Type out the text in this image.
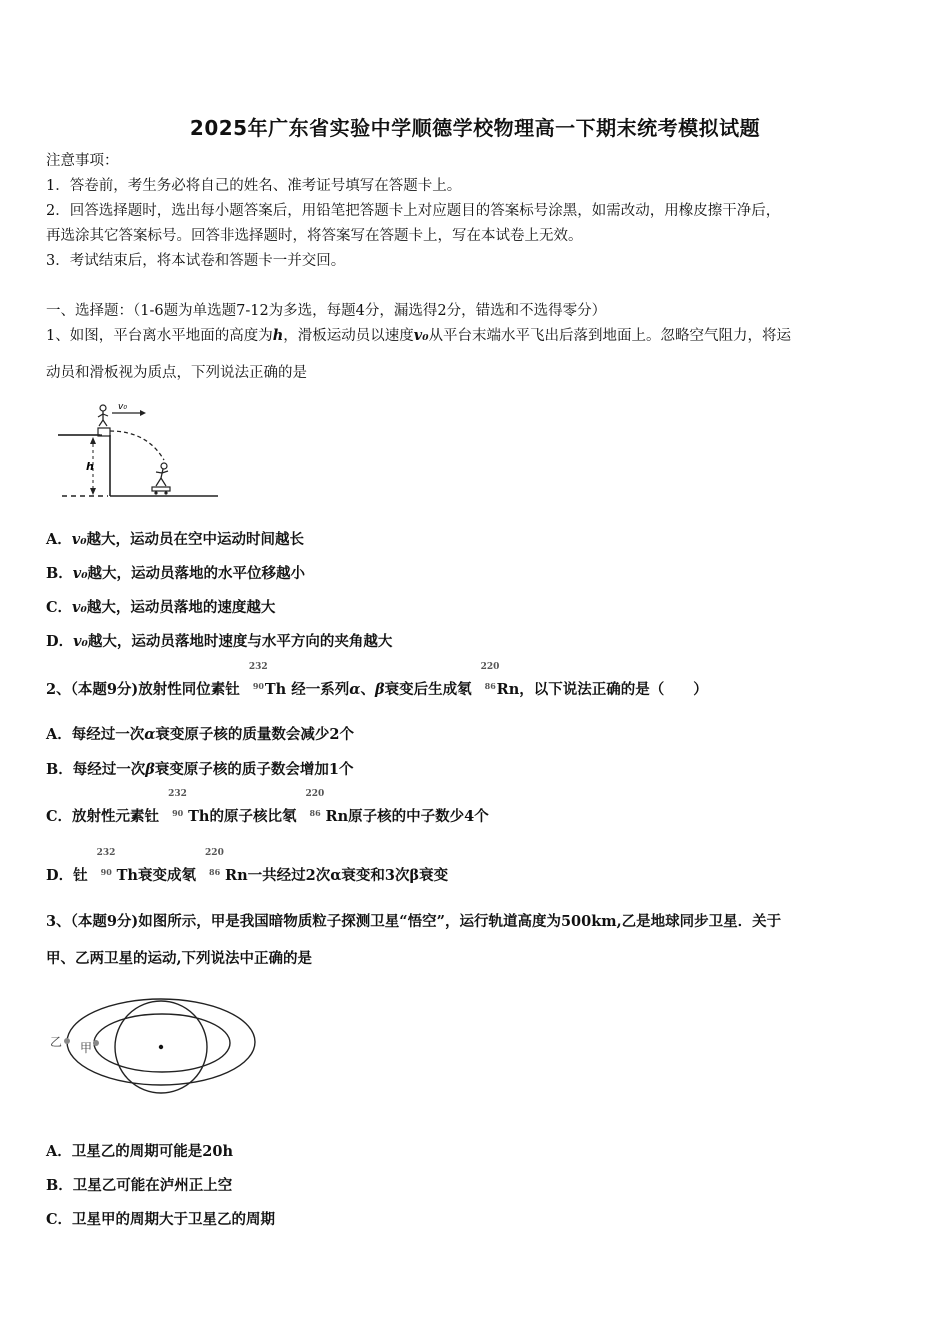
2025年广东省实验中学顺德学校物理高一下期末统考模拟试题
注意事项：
1．答卷前，考生务必将自己的姓名、准考证号填写在答题卡上。
2．回答选择题时，选出每小题答案后，用铅笔把答题卡上对应题目的答案标号涂黑，如需改动，用橡皮擦干净后，
再选涂其它答案标号。回答非选择题时，将答案写在答题卡上，写在本试卷上无效。
3．考试结束后，将本试卷和答题卡一并交回。
一、选择题：（1-6题为单选题7-12为多选，每题4分，漏选得2分，错选和不选得零分）
1、如图，平台离水平地面的高度为h，滑板运动员以速度v₀从平台末端水平飞出后落到地面上。忽略空气阻力，将运
动员和滑板视为质点，下列说法正确的是
v₀
h
A．v₀越大，运动员在空中运动时间越长
B．v₀越大，运动员落地的水平位移越小
C．v₀越大，运动员落地的速度越大
D．v₀越大，运动员落地时速度与水平方向的夹角越大
2、（本题9分)放射性同位素钍
232
90 Th 经一系列α、β衰变后生成氡
220
86 Rn，以下说法正确的是（　　）
A．每经过一次α衰变原子核的质量数会减少2个
B．每经过一次β衰变原子核的质子数会增加1个
C．放射性元素钍
232
90 Th的原子核比氡
220
86 Rn原子核的中子数少4个
D．钍
232
90 Th衰变成氡
220
86 Rn一共经过2次α衰变和3次β衰变
3、（本题9分)如图所示，甲是我国暗物质粒子探测卫星“悟空”，运行轨道高度为500km,乙是地球同步卫星．关于
甲、乙两卫星的运动,下列说法中正确的是
乙 甲
A．卫星乙的周期可能是20h
B．卫星乙可能在泸州正上空
C．卫星甲的周期大于卫星乙的周期
